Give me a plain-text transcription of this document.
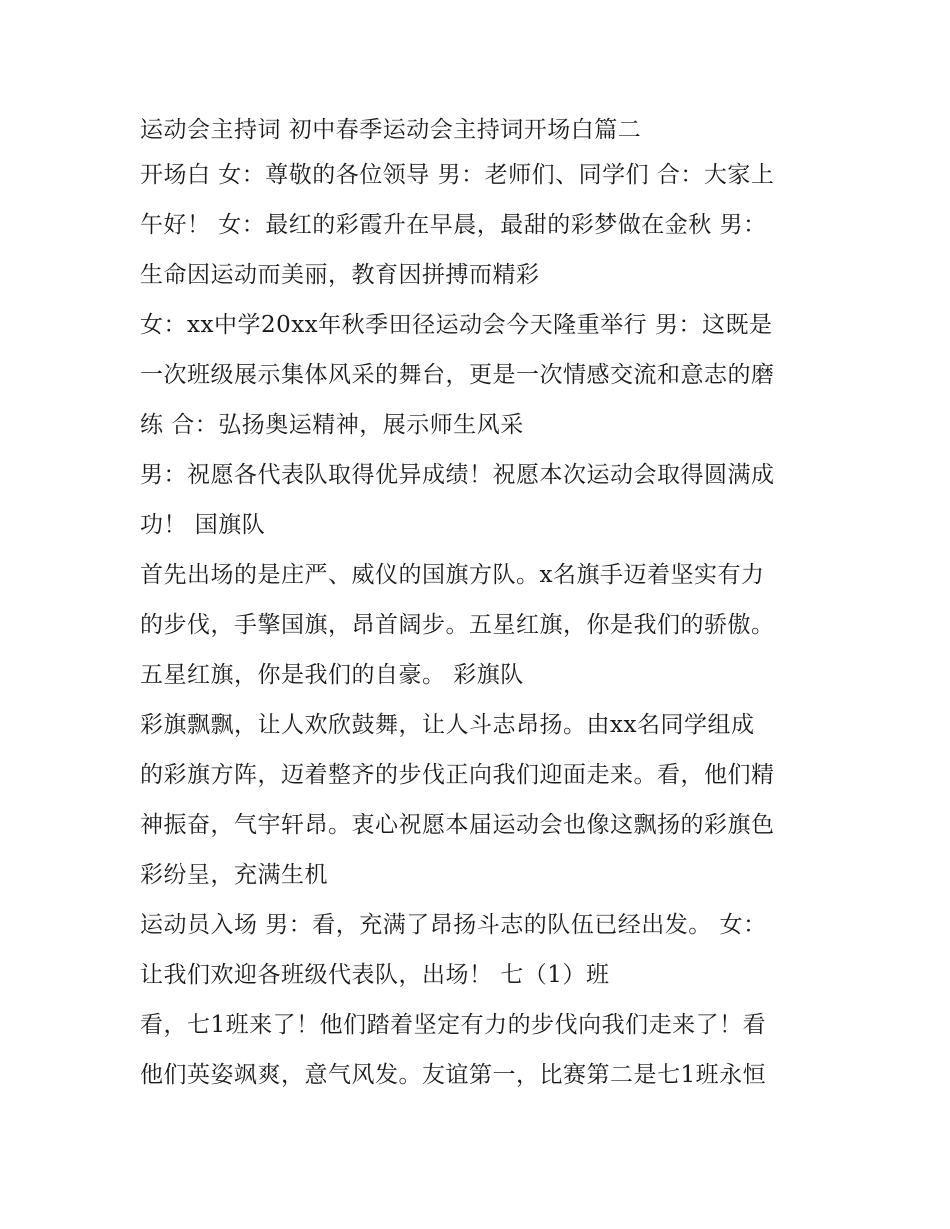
运动会主持词 初中春季运动会主持词开场白篇二
开场白 女：尊敬的各位领导 男：老师们、同学们 合：大家上
午好！ 女：最红的彩霞升在早晨，最甜的彩梦做在金秋 男：
生命因运动而美丽，教育因拼搏而精彩
女：xx中学20xx年秋季田径运动会今天隆重举行 男：这既是
一次班级展示集体风采的舞台，更是一次情感交流和意志的磨
练 合：弘扬奥运精神，展示师生风采
男：祝愿各代表队取得优异成绩！祝愿本次运动会取得圆满成
功！ 国旗队
首先出场的是庄严、威仪的国旗方队。x名旗手迈着坚实有力
的步伐，手擎国旗，昂首阔步。五星红旗，你是我们的骄傲。
五星红旗，你是我们的自豪。 彩旗队
彩旗飘飘，让人欢欣鼓舞，让人斗志昂扬。由xx名同学组成
的彩旗方阵，迈着整齐的步伐正向我们迎面走来。看，他们精
神振奋，气宇轩昂。衷心祝愿本届运动会也像这飘扬的彩旗色
彩纷呈，充满生机
运动员入场 男：看，充满了昂扬斗志的队伍已经出发。 女：
让我们欢迎各班级代表队，出场！ 七（1）班
看，七1班来了！他们踏着坚定有力的步伐向我们走来了！看
他们英姿飒爽，意气风发。友谊第一，比赛第二是七1班永恒
